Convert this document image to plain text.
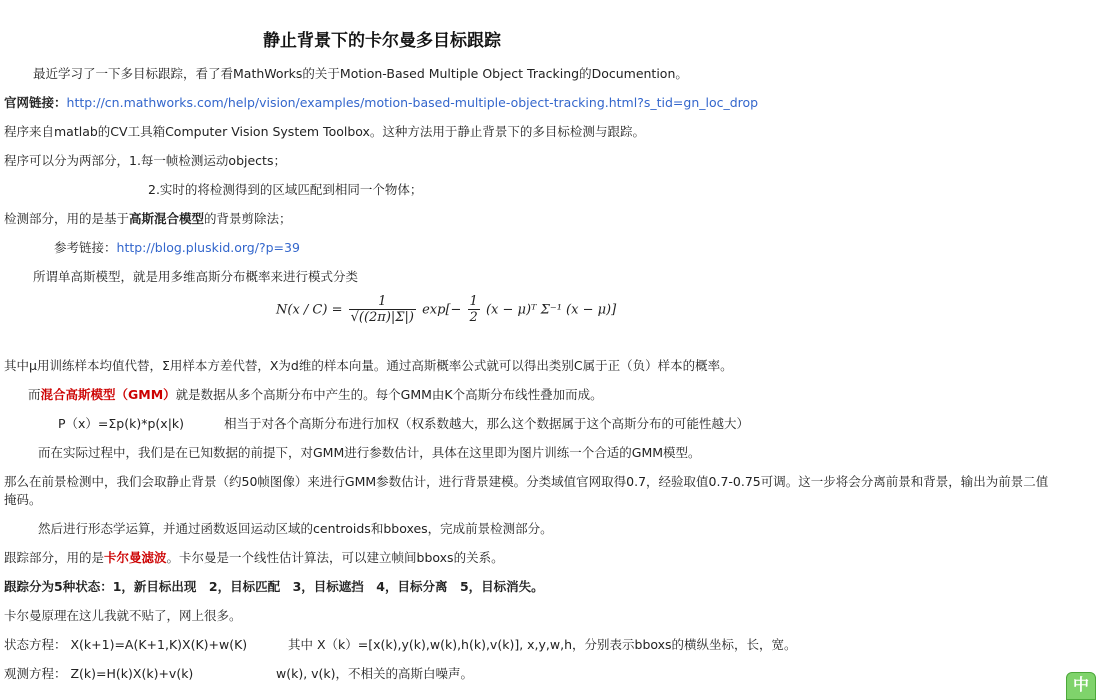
静止背景下的卡尔曼多目标跟踪
最近学习了一下多目标跟踪，看了看MathWorks的关于Motion-Based Multiple Object Tracking的Documention。
官网链接：http://cn.mathworks.com/help/vision/examples/motion-based-multiple-object-tracking.html?s_tid=gn_loc_drop
程序来自matlab的CV工具箱Computer Vision System Toolbox。这种方法用于静止背景下的多目标检测与跟踪。
程序可以分为两部分，1.每一帧检测运动objects；
2.实时的将检测得到的区域匹配到相同一个物体；
检测部分，用的是基于高斯混合模型的背景剪除法；
参考链接：http://blog.pluskid.org/?p=39
所谓单高斯模型，就是用多维高斯分布概率来进行模式分类
$N(x / C) = \frac{1}{√((2\pi)|\Sigma|)} \exp[- \frac{1}{2} (x$ − μ)ᵀ Σ⁻¹ (x − μ)]
其中μ用训练样本均值代替，Σ用样本方差代替，X为d维的样本向量。通过高斯概率公式就可以得出类别C属于正（负）样本的概率。
而混合高斯模型（GMM）就是数据从多个高斯分布中产生的。每个GMM由K个高斯分布线性叠加而成。
P（x）=Σp(k)*p(x|k)	相当于对各个高斯分布进行加权（权系数越大，那么这个数据属于这个高斯分布的可能性越大）
而在实际过程中，我们是在已知数据的前提下，对GMM进行参数估计，具体在这里即为图片训练一个合适的GMM模型。
那么在前景检测中，我们会取静止背景（约50帧图像）来进行GMM参数估计，进行背景建模。分类域值官网取得0.7，经验取值0.7-0.75可调。这一步将会分离前景和背景，输出为前景二值
掩码。
然后进行形态学运算，并通过函数返回运动区域的centroids和bboxes，完成前景检测部分。
跟踪部分，用的是卡尔曼滤波。卡尔曼是一个线性估计算法，可以建立帧间bboxs的关系。
跟踪分为5种状态：1，新目标出现　2，目标匹配　3，目标遮挡　4，目标分离　5，目标消失。
卡尔曼原理在这儿我就不贴了，网上很多。
状态方程： X(k+1)=A(K+1,K)X(K)+w(K)	其中 X（k）=[x(k),y(k),w(k),h(k),v(k)], x,y,w,h，分别表示bboxs的横纵坐标，长，宽。
观测方程： Z(k)=H(k)X(k)+v(k)	w(k), v(k)，不相关的高斯白噪声。
中
